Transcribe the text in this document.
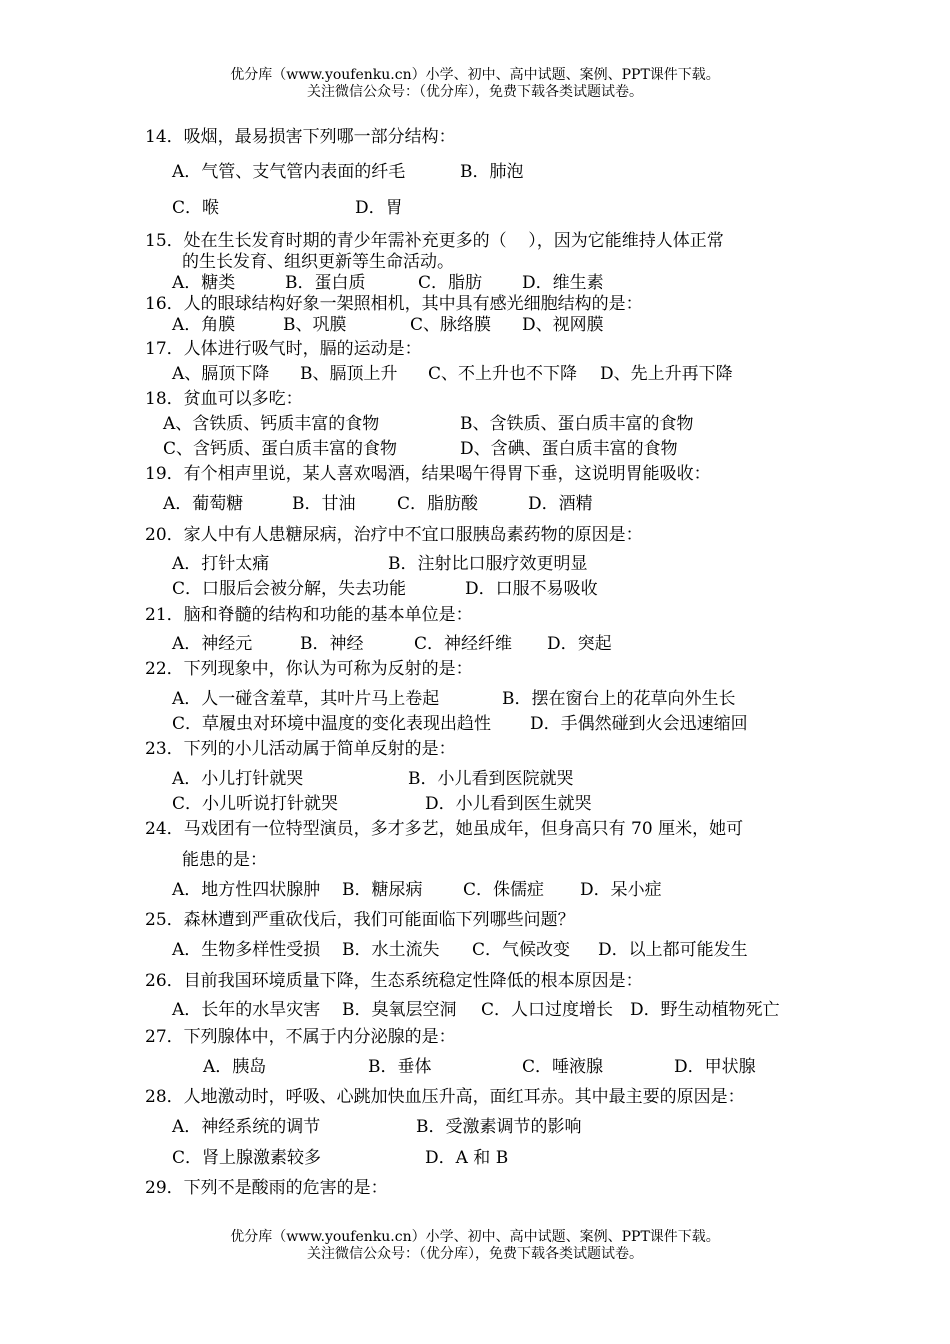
优分库（www.youfenku.cn）小学、初中、高中试题、案例、PPT课件下载。
关注微信公众号：（优分库），免费下载各类试题试卷。
14．吸烟，最易损害下列哪一部分结构：
A．气管、支气管内表面的纤毛	B．肺泡
C．喉	D．胃
15．处在生长发育时期的青少年需补充更多的（    ），因为它能维持人体正常
的生长发育、组织更新等生命活动。
A．糖类	B．蛋白质	C．脂肪 D．维生素
16．人的眼球结构好象一架照相机，其中具有感光细胞结构的是：
A．角膜	B、巩膜	C、脉络膜 D、视网膜
17．人体进行吸气时，膈的运动是：
A、膈顶下降 B、膈顶上升 C、不上升也不下降 D、先上升再下降
18．贫血可以多吃：
A、含铁质、钙质丰富的食物	B、含铁质、蛋白质丰富的食物
C、含钙质、蛋白质丰富的食物	D、含碘、蛋白质丰富的食物
19．有个相声里说，某人喜欢喝酒，结果喝午得胃下垂，这说明胃能吸收：
A．葡萄糖	B．甘油 C．脂肪酸	D．酒精
20．家人中有人患糖尿病，治疗中不宜口服胰岛素药物的原因是：
A．打针太痛	B．注射比口服疗效更明显
C．口服后会被分解，失去功能	D．口服不易吸收
21．脑和脊髓的结构和功能的基本单位是：
A．神经元	B．神经	C．神经纤维 D．突起
22．下列现象中，你认为可称为反射的是：
A．人一碰含羞草，其叶片马上卷起	B．摆在窗台上的花草向外生长
C．草履虫对环境中温度的变化表现出趋性 D．手偶然碰到火会迅速缩回
23．下列的小儿活动属于简单反射的是：
A．小儿打针就哭	B．小儿看到医院就哭
C．小儿听说打针就哭	D．小儿看到医生就哭
24．马戏团有一位特型演员，多才多艺，她虽成年，但身高只有 70 厘米，她可
能患的是：
A．地方性四状腺肿 B．糖尿病 C．侏儒症 D．呆小症
25．森林遭到严重砍伐后，我们可能面临下列哪些问题？
A．生物多样性受损 B．水土流失 C．气候改变 D．以上都可能发生
26．目前我国环境质量下降，生态系统稳定性降低的根本原因是：
A．长年的水旱灾害 B．臭氧层空洞 C．人口过度增长 D．野生动植物死亡
27．下列腺体中，不属于内分泌腺的是：
A．胰岛	B．垂体	C．唾液腺	D．甲状腺
28．人地激动时，呼吸、心跳加快血压升高，面红耳赤。其中最主要的原因是：
A．神经系统的调节	B．受激素调节的影响
C．肾上腺激素较多	D．A 和 B
29．下列不是酸雨的危害的是：
优分库（www.youfenku.cn）小学、初中、高中试题、案例、PPT课件下载。
关注微信公众号：（优分库），免费下载各类试题试卷。
